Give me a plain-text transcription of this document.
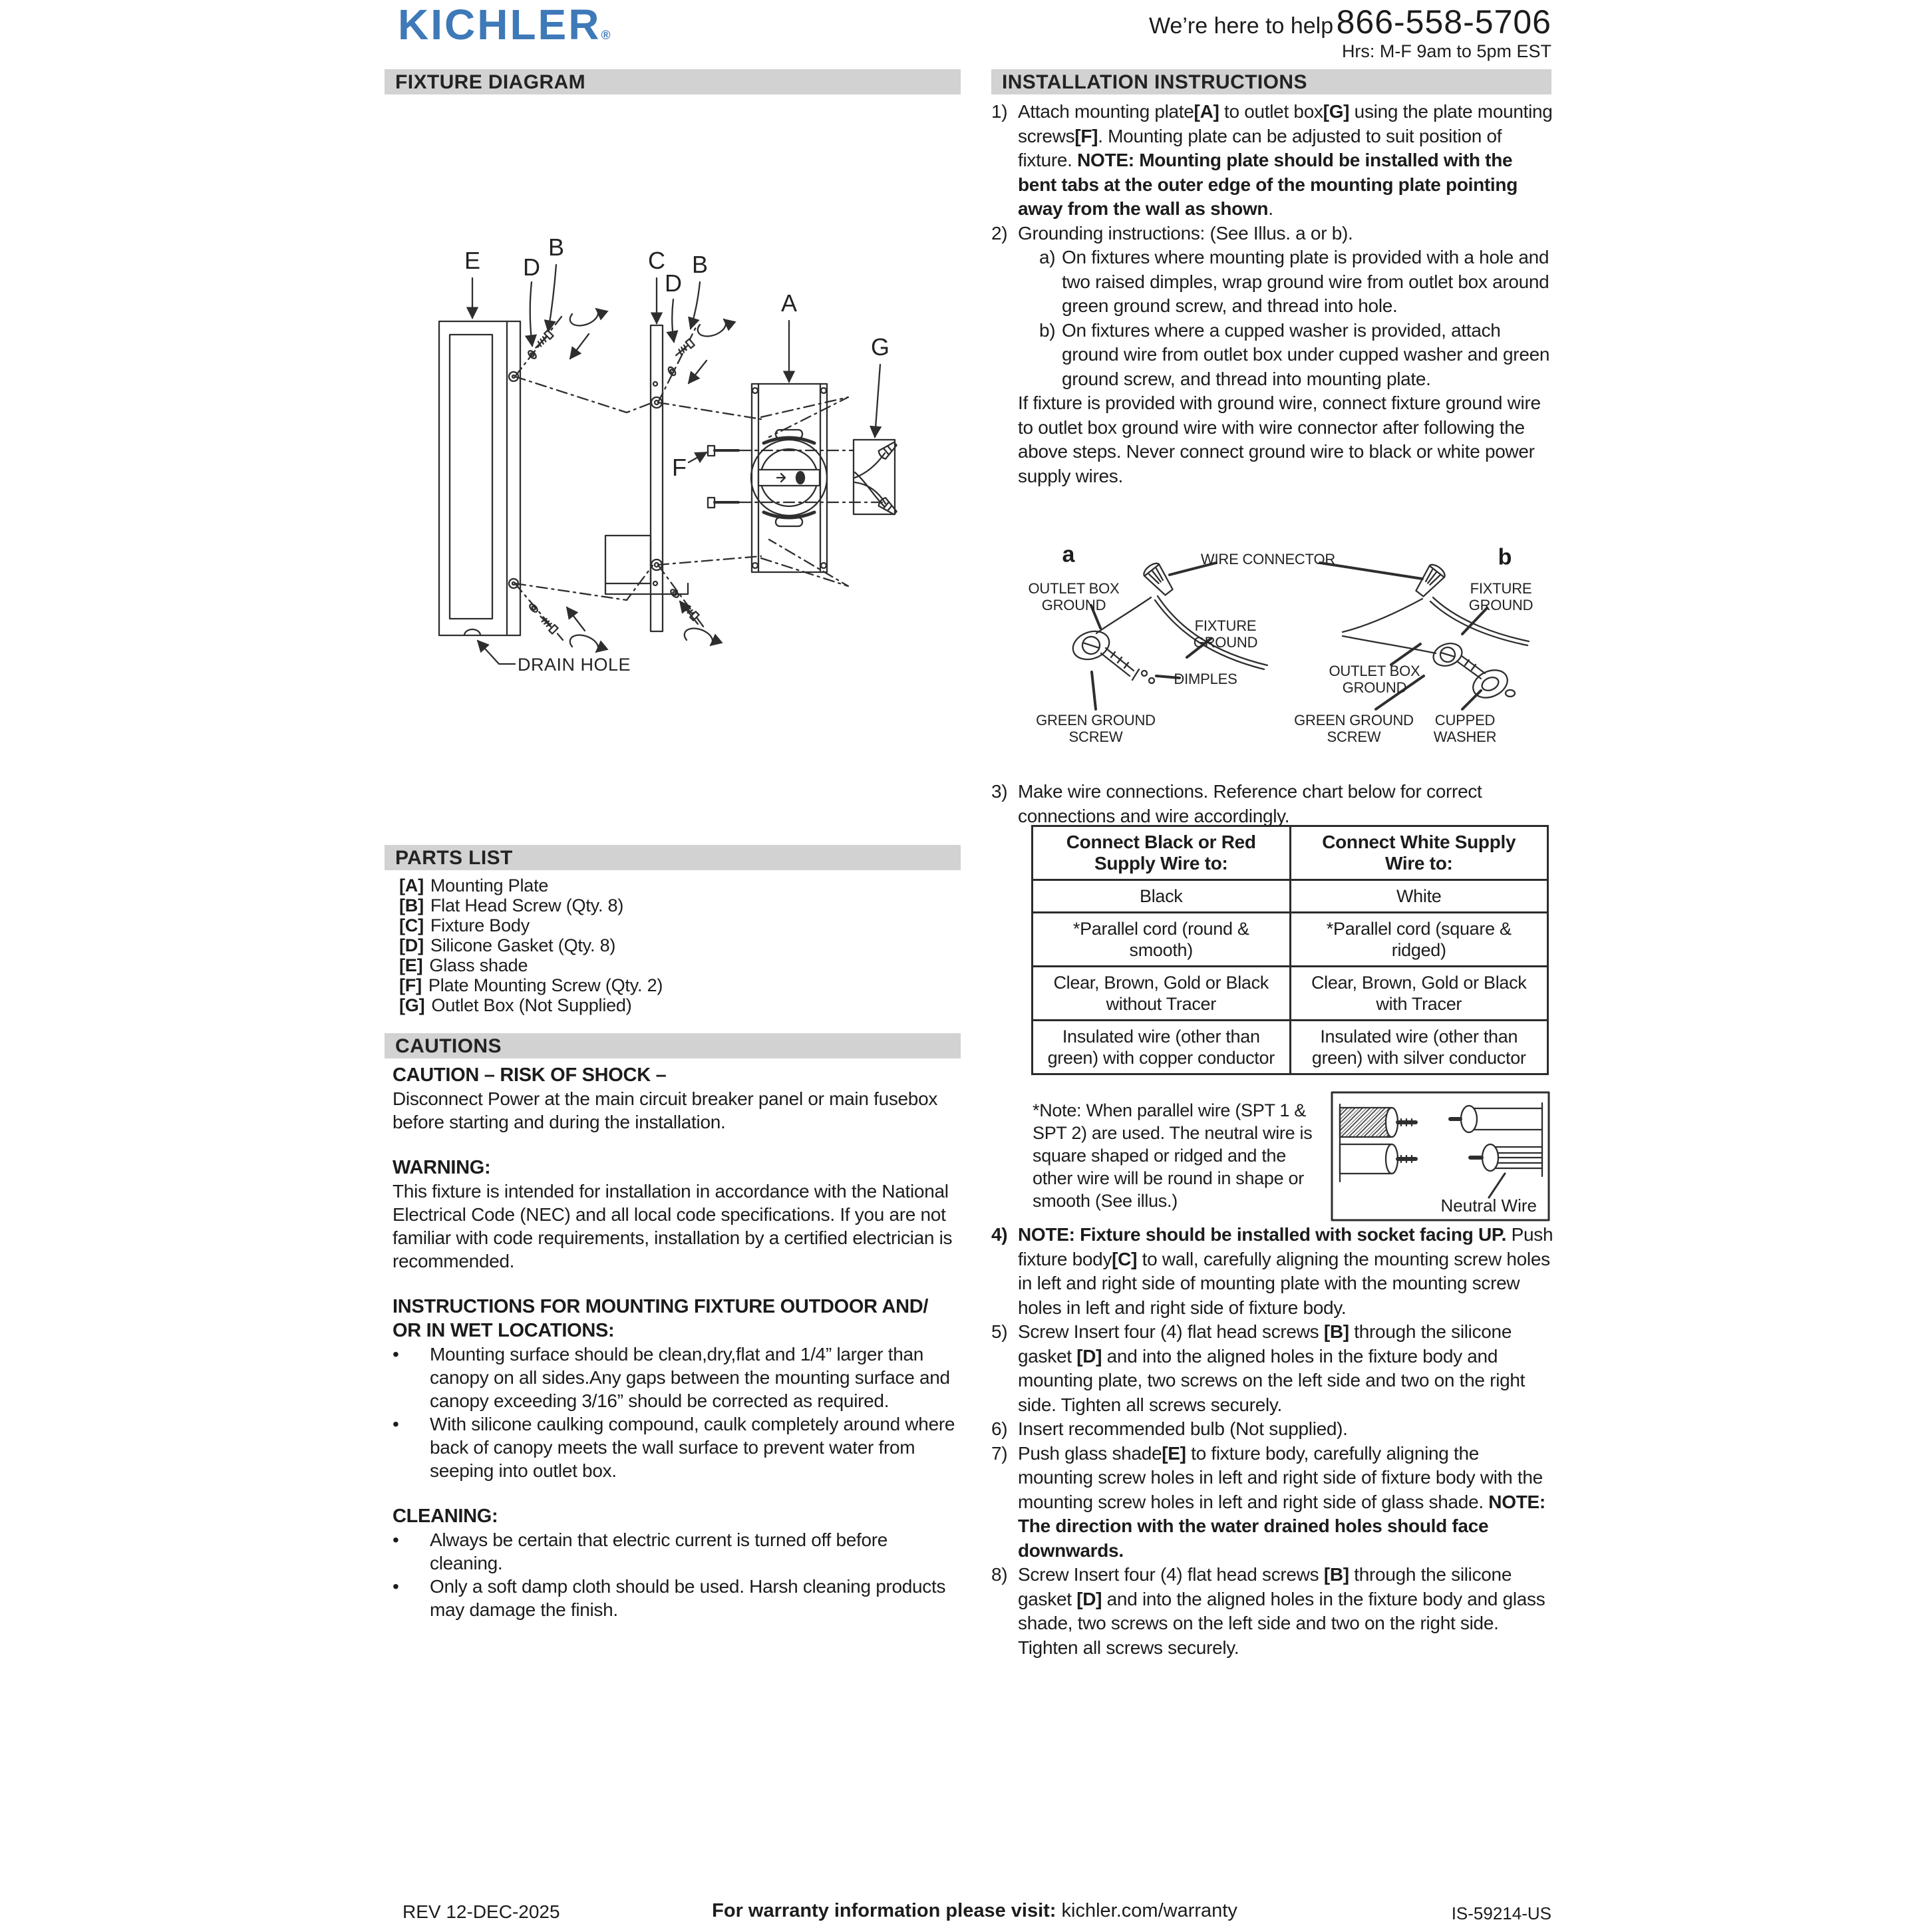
KICHLER®	We’re here to help 866-558-5706
Hrs: M-F 9am to 5pm EST
FIXTURE DIAGRAM	INSTALLATION INSTRUCTIONS
PARTS LIST
CAUTIONS
E D
B	C
D
B
A
G
F
DRAIN HOLE
[A] Mounting Plate
[B] Flat Head Screw (Qty. 8)
[C] Fixture Body
[D] Silicone Gasket (Qty. 8)
[E] Glass shade
[F] Plate Mounting Screw (Qty. 2)
[G] Outlet Box (Not Supplied)
CAUTION – RISK OF SHOCK –
Disconnect Power at the main circuit breaker panel or main fusebox before starting and during the installation.
WARNING:
This fixture is intended for installation in accordance with the National Electrical Code (NEC) and all local code specifications. If you are not familiar with code requirements, installation by a certified electrician is recommended.
INSTRUCTIONS FOR MOUNTING FIXTURE OUTDOOR AND/
OR IN WET LOCATIONS:
•	Mounting surface should be clean,dry,flat and 1/4” larger than canopy on all sides.Any gaps between the mounting surface and canopy exceeding 3/16” should be corrected as required.
•	With silicone caulking compound, caulk completely around where back of canopy meets the wall surface to prevent water from seeping into outlet box.
CLEANING:
•	Always be certain that electric current is turned off before cleaning.
•	Only a soft damp cloth should be used. Harsh cleaning products may damage the finish.
1) Attach mounting plate[A] to outlet box[G] using the plate mounting screws[F]. Mounting plate can be adjusted to suit position of fixture. NOTE: Mounting plate should be installed with the bent tabs at the outer edge of the mounting plate pointing away from the wall as shown.
2) Grounding instructions: (See Illus. a or b).
a) On fixtures where mounting plate is provided with a hole and two raised dimples, wrap ground wire from outlet box around green ground screw, and thread into hole.
b) On fixtures where a cupped washer is provided, attach ground wire from outlet box under cupped washer and green ground screw, and thread into mounting plate.
If fixture is provided with ground wire, connect fixture ground wire to outlet box ground wire with wire connector after following the above steps. Never connect ground wire to black or white power supply wires.
a	b
WIRE CONNECTOR
OUTLET BOX GROUND
FIXTURE GROUND
DIMPLES
GREEN GROUND SCREW
FIXTURE GROUND
OUTLET BOX GROUND
GREEN GROUND SCREW
CUPPED WASHER
3) Make wire connections. Reference chart below for correct connections and wire accordingly.
Connect Black or Red Supply Wire to:	Connect White Supply Wire to:
Black	White
*Parallel cord (round & smooth)	*Parallel cord (square & ridged)
Clear, Brown, Gold or Black without Tracer	Clear, Brown, Gold or Black with Tracer
Insulated wire (other than green) with copper conductor	Insulated wire (other than green) with silver conductor
*Note: When parallel wire (SPT 1 & SPT 2) are used. The neutral wire is square shaped or ridged and the other wire will be round in shape or smooth (See illus.)	Neutral Wire
4) NOTE: Fixture should be installed with socket facing UP. Push fixture body[C] to wall, carefully aligning the mounting screw holes in left and right side of mounting plate with the mounting screw holes in left and right side of fixture body.
5) Screw Insert four (4) flat head screws [B] through the silicone gasket [D] and into the aligned holes in the fixture body and mounting plate, two screws on the left side and two on the right side. Tighten all screws securely.
6) Insert recommended bulb (Not supplied).
7) Push glass shade[E] to fixture body, carefully aligning the mounting screw holes in left and right side of fixture body with the mounting screw holes in left and right side of glass shade. NOTE: The direction with the water drained holes should face downwards.
8) Screw Insert four (4) flat head screws [B] through the silicone gasket [D] and into the aligned holes in the fixture body and glass shade, two screws on the left side and two on the right side. Tighten all screws securely.
REV 12-DEC-2025	For warranty information please visit: kichler.com/warranty	IS-59214-US
